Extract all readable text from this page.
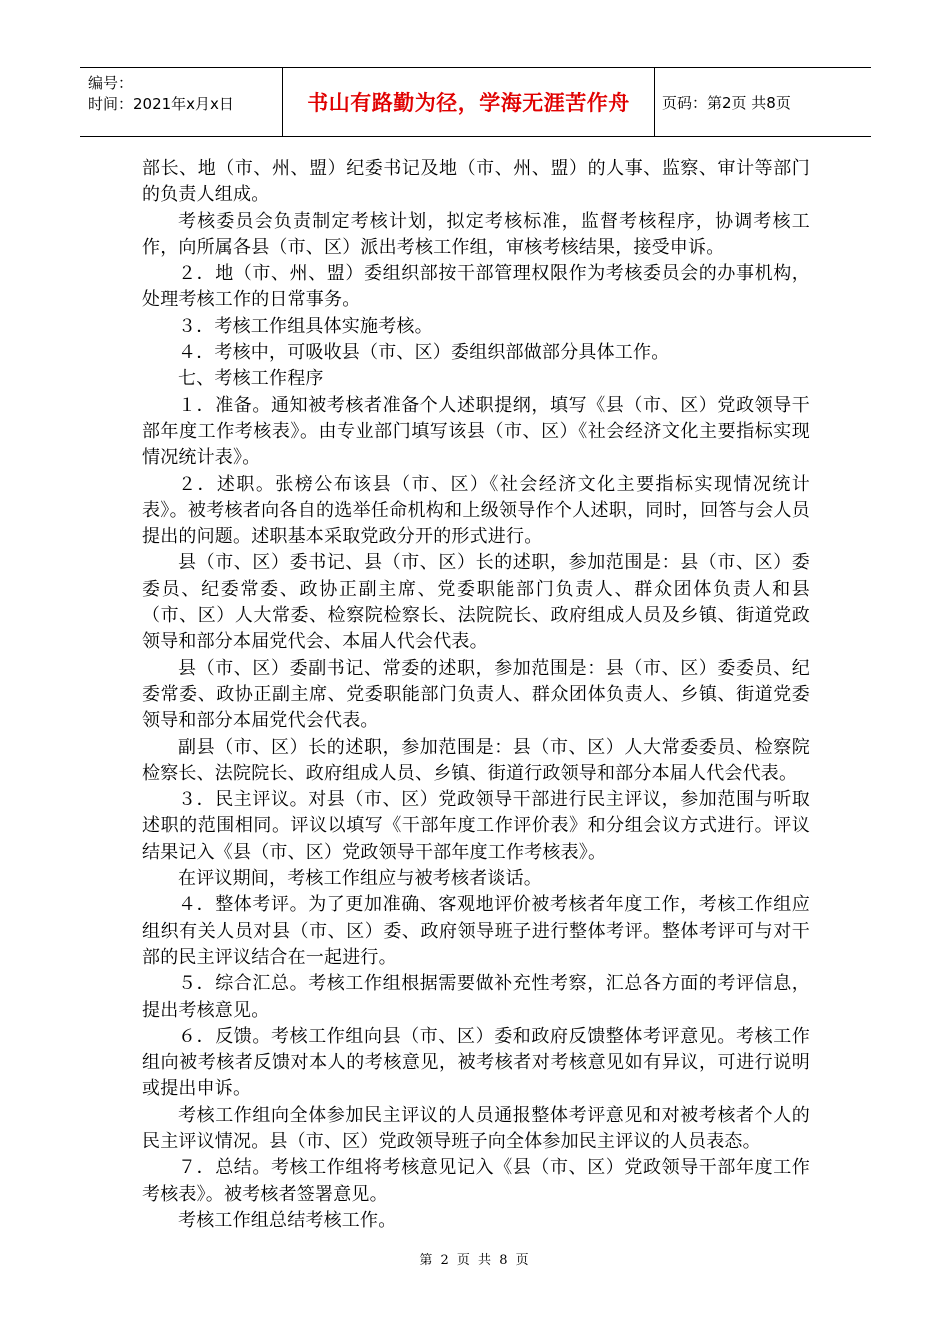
编号：
时间：2021年x月x日	书山有路勤为径，学海无涯苦作舟	页码：第2页 共8页

部长、地（市、州、盟）纪委书记及地（市、州、盟）的人事、监察、审计等部门的负责人组成。

考核委员会负责制定考核计划，拟定考核标准，监督考核程序，协调考核工作，向所属各县（市、区）派出考核工作组，审核考核结果，接受申诉。

２．地（市、州、盟）委组织部按干部管理权限作为考核委员会的办事机构，处理考核工作的日常事务。

３．考核工作组具体实施考核。

４．考核中，可吸收县（市、区）委组织部做部分具体工作。

七、考核工作程序

１．准备。通知被考核者准备个人述职提纲，填写《县（市、区）党政领导干部年度工作考核表》。由专业部门填写该县（市、区）《社会经济文化主要指标实现情况统计表》。

２．述职。张榜公布该县（市、区）《社会经济文化主要指标实现情况统计表》。被考核者向各自的选举任命机构和上级领导作个人述职，同时，回答与会人员提出的问题。述职基本采取党政分开的形式进行。

县（市、区）委书记、县（市、区）长的述职，参加范围是：县（市、区）委委员、纪委常委、政协正副主席、党委职能部门负责人、群众团体负责人和县（市、区）人大常委、检察院检察长、法院院长、政府组成人员及乡镇、街道党政领导和部分本届党代会、本届人代会代表。

县（市、区）委副书记、常委的述职，参加范围是：县（市、区）委委员、纪委常委、政协正副主席、党委职能部门负责人、群众团体负责人、乡镇、街道党委领导和部分本届党代会代表。

副县（市、区）长的述职，参加范围是：县（市、区）人大常委委员、检察院检察长、法院院长、政府组成人员、乡镇、街道行政领导和部分本届人代会代表。

３．民主评议。对县（市、区）党政领导干部进行民主评议，参加范围与听取述职的范围相同。评议以填写《干部年度工作评价表》和分组会议方式进行。评议结果记入《县（市、区）党政领导干部年度工作考核表》。

在评议期间，考核工作组应与被考核者谈话。

４．整体考评。为了更加准确、客观地评价被考核者年度工作，考核工作组应组织有关人员对县（市、区）委、政府领导班子进行整体考评。整体考评可与对干部的民主评议结合在一起进行。

５．综合汇总。考核工作组根据需要做补充性考察，汇总各方面的考评信息，提出考核意见。

６．反馈。考核工作组向县（市、区）委和政府反馈整体考评意见。考核工作组向被考核者反馈对本人的考核意见，被考核者对考核意见如有异议，可进行说明或提出申诉。

考核工作组向全体参加民主评议的人员通报整体考评意见和对被考核者个人的民主评议情况。县（市、区）党政领导班子向全体参加民主评议的人员表态。

７．总结。考核工作组将考核意见记入《县（市、区）党政领导干部年度工作考核表》。被考核者签署意见。

考核工作组总结考核工作。

第 2 页 共 8 页
